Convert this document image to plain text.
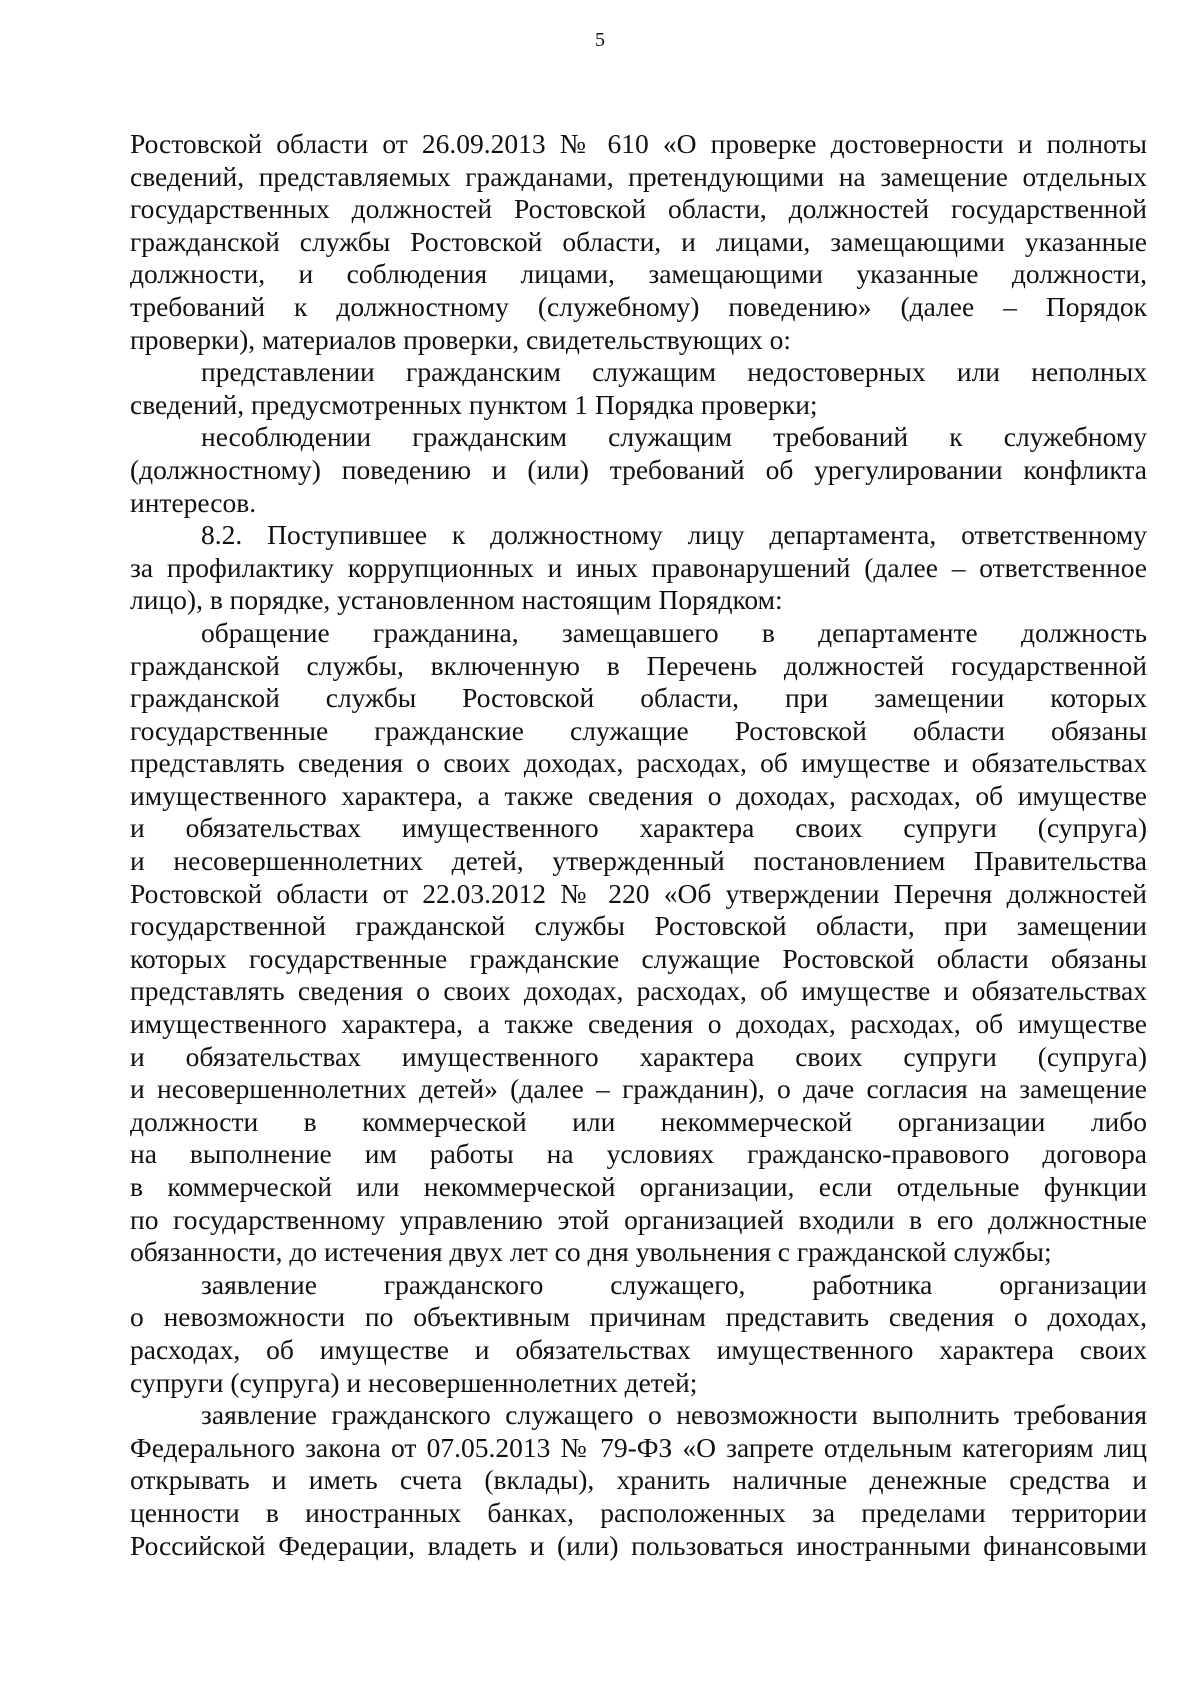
5
Ростовской области от 26.09.2013 № 610 «О проверке достоверности и полноты
сведений, представляемых гражданами, претендующими на замещение отдельных
государственных должностей Ростовской области, должностей государственной
гражданской службы Ростовской области, и лицами, замещающими указанные
должности, и соблюдения лицами, замещающими указанные должности,
требований к должностному (служебному) поведению» (далее – Порядок
проверки), материалов проверки, свидетельствующих о:
представлении гражданским служащим недостоверных или неполных
сведений, предусмотренных пунктом 1 Порядка проверки;
несоблюдении гражданским служащим требований к служебному
(должностному) поведению и (или) требований об урегулировании конфликта
интересов.
8.2. Поступившее к должностному лицу департамента, ответственному
за профилактику коррупционных и иных правонарушений (далее – ответственное
лицо), в порядке, установленном настоящим Порядком:
обращение гражданина, замещавшего в департаменте должность
гражданской службы, включенную в Перечень должностей государственной
гражданской службы Ростовской области, при замещении которых
государственные гражданские служащие Ростовской области обязаны
представлять сведения о своих доходах, расходах, об имуществе и обязательствах
имущественного характера, а также сведения о доходах, расходах, об имуществе
и обязательствах имущественного характера своих супруги (супруга)
и несовершеннолетних детей, утвержденный постановлением Правительства
Ростовской области от 22.03.2012 № 220 «Об утверждении Перечня должностей
государственной гражданской службы Ростовской области, при замещении
которых государственные гражданские служащие Ростовской области обязаны
представлять сведения о своих доходах, расходах, об имуществе и обязательствах
имущественного характера, а также сведения о доходах, расходах, об имуществе
и обязательствах имущественного характера своих супруги (супруга)
и несовершеннолетних детей» (далее – гражданин), о даче согласия на замещение
должности в коммерческой или некоммерческой организации либо
на выполнение им работы на условиях гражданско-правового договора
в коммерческой или некоммерческой организации, если отдельные функции
по государственному управлению этой организацией входили в его должностные
обязанности, до истечения двух лет со дня увольнения с гражданской службы;
заявление гражданского служащего, работника организации
о невозможности по объективным причинам представить сведения о доходах,
расходах, об имуществе и обязательствах имущественного характера своих
супруги (супруга) и несовершеннолетних детей;
заявление гражданского служащего о невозможности выполнить требования
Федерального закона от 07.05.2013 № 79-ФЗ «О запрете отдельным категориям лиц
открывать и иметь счета (вклады), хранить наличные денежные средства и
ценности в иностранных банках, расположенных за пределами территории
Российской Федерации, владеть и (или) пользоваться иностранными финансовыми
